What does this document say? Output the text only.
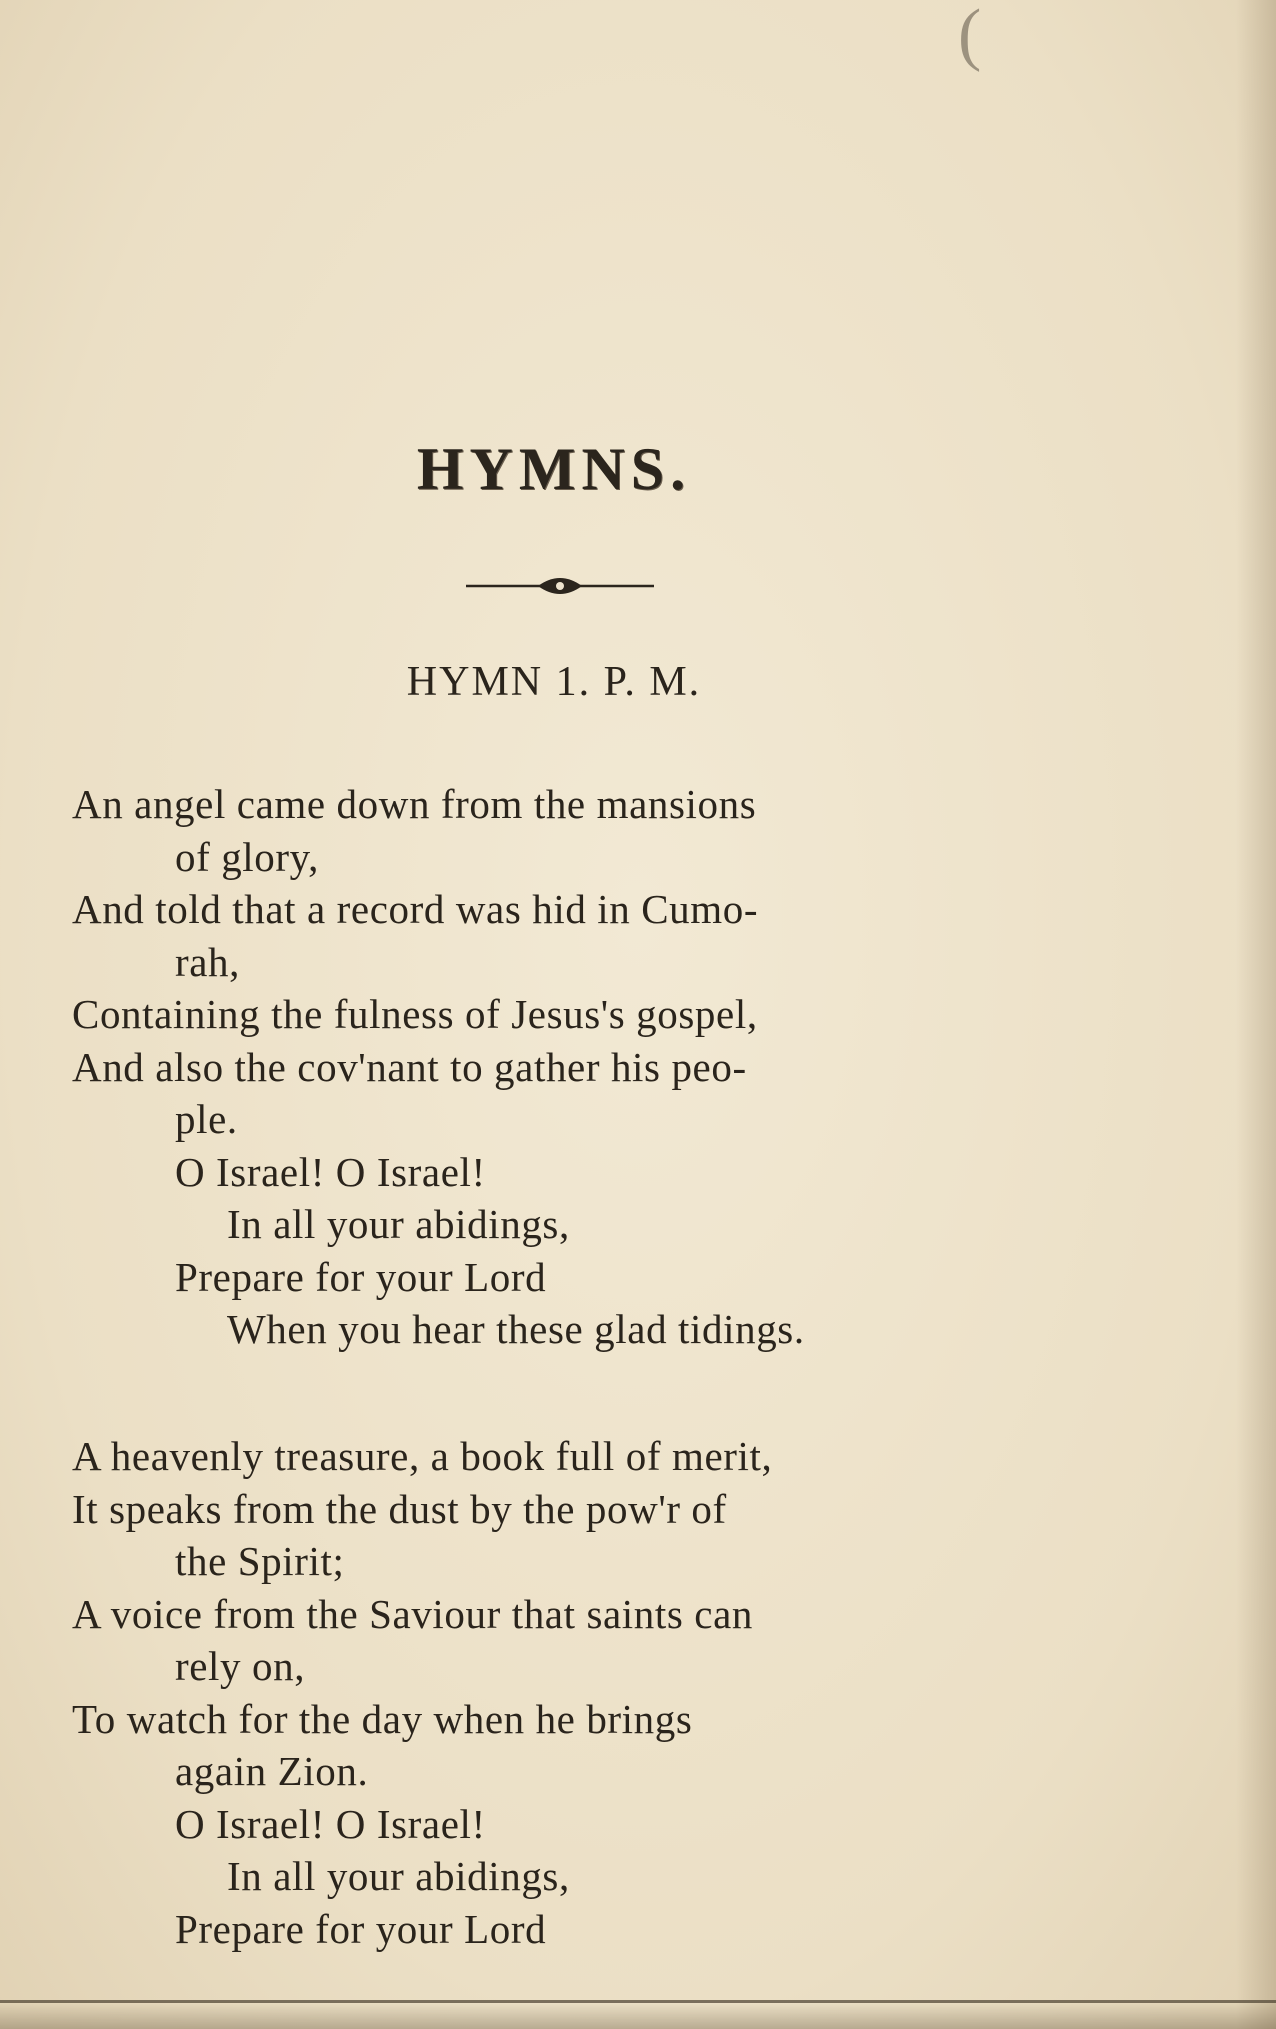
(
HYMNS.
HYMN 1. P. M.
An angel came down from the mansions
of glory,
And told that a record was hid in Cumo-
rah,
Containing the fulness of Jesus's gospel,
And also the cov'nant to gather his peo-
ple.
O Israel! O Israel!
In all your abidings,
Prepare for your Lord
When you hear these glad tidings.
A heavenly treasure, a book full of merit,
It speaks from the dust by the pow'r of
the Spirit;
A voice from the Saviour that saints can
rely on,
To watch for the day when he brings
again Zion.
O Israel! O Israel!
In all your abidings,
Prepare for your Lord
